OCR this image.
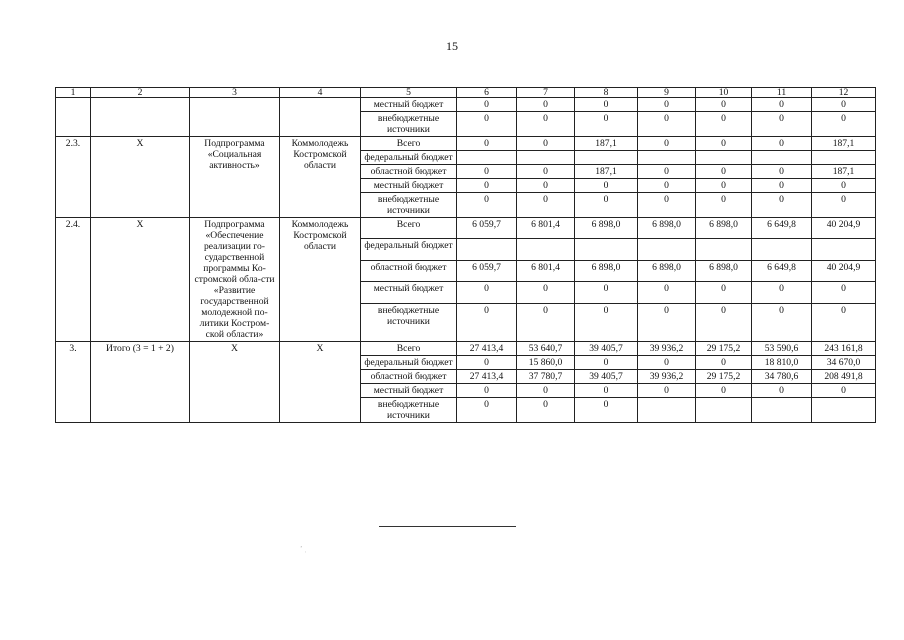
15
1	2	3	4	5	6	7	8	9	10	11	12
				местный бюджет	0	0	0	0	0	0	0
				внебюджетные источники	0	0	0	0	0	0	0
2.3.	Х	Подпрограмма «Социальная активность»	Коммолодежь Костромской области	Всего	0	0	187,1	0	0	0	187,1
				федеральный бюджет							
				областной бюджет	0	0	187,1	0	0	0	187,1
				местный бюджет	0	0	0	0	0	0	0
				внебюджетные источники	0	0	0	0	0	0	0
2.4.	Х	Подпрограмма «Обеспечение реализации го-сударственной программы Ко-стромской обла-сти «Развитие государственной молодежной по-литики Костром-ской области»	Коммолодежь Костромской области	Всего	6 059,7	6 801,4	6 898,0	6 898,0	6 898,0	6 649,8	40 204,9
				федеральный бюджет							
				областной бюджет	6 059,7	6 801,4	6 898,0	6 898,0	6 898,0	6 649,8	40 204,9
				местный бюджет	0	0	0	0	0	0	0
				внебюджетные источники	0	0	0	0	0	0	0
3.	Итого (3 = 1 + 2)	Х	Х	Всего	27 413,4	53 640,7	39 405,7	39 936,2	29 175,2	53 590,6	243 161,8
				федеральный бюджет	0	15 860,0	0	0	0	18 810,0	34 670,0
				областной бюджет	27 413,4	37 780,7	39 405,7	39 936,2	29 175,2	34 780,6	208 491,8
				местный бюджет	0	0	0	0	0	0	0
				внебюджетные источники	0	0	0				
ʼ ˌ
